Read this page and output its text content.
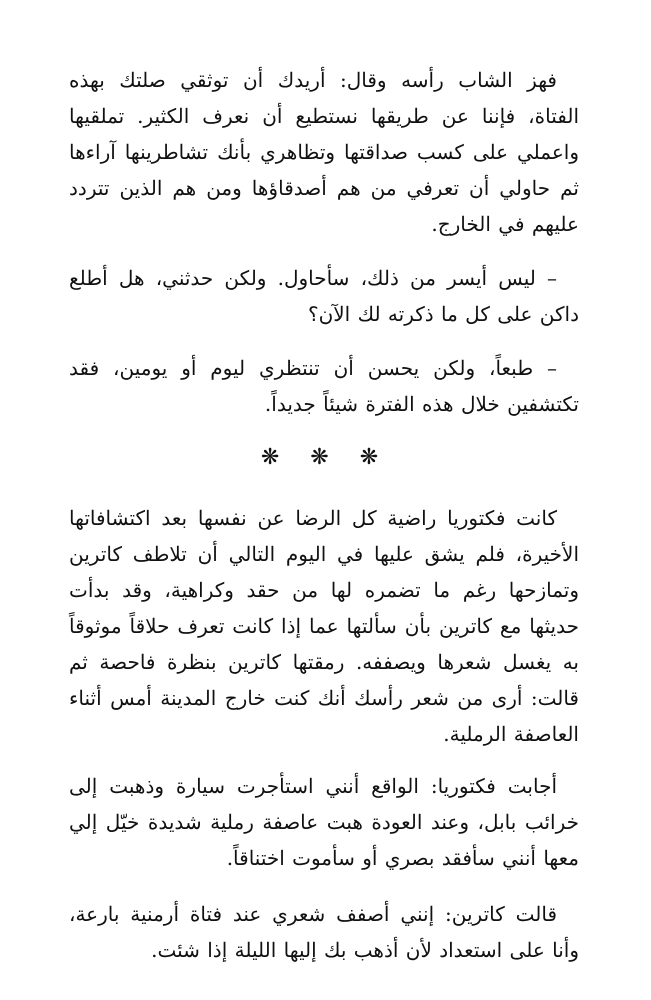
فهز الشاب رأسه وقال: أريدك أن توثقي صلتك بهذه الفتاة، فإننا عن طريقها نستطيع أن نعرف الكثير. تملقيها واعملي على كسب صداقتها وتظاهري بأنك تشاطرينها آراءها ثم حاولي أن تعرفي من هم أصدقاؤها ومن هم الذين تتردد عليهم في الخارج.

– ليس أيسر من ذلك، سأحاول. ولكن حدثني، هل أطلع داكن على كل ما ذكرته لك الآن؟

– طبعاً، ولكن يحسن أن تنتظري ليوم أو يومين، فقد تكتشفين خلال هذه الفترة شيئاً جديداً.

❋ ❋ ❋

كانت فكتوريا راضية كل الرضا عن نفسها بعد اكتشافاتها الأخيرة، فلم يشق عليها في اليوم التالي أن تلاطف كاترين وتمازحها رغم ما تضمره لها من حقد وكراهية، وقد بدأت حديثها مع كاترين بأن سألتها عما إذا كانت تعرف حلاقاً موثوقاً به يغسل شعرها ويصففه. رمقتها كاترين بنظرة فاحصة ثم قالت: أرى من شعر رأسك أنك كنت خارج المدينة أمس أثناء العاصفة الرملية.

أجابت فكتوريا: الواقع أنني استأجرت سيارة وذهبت إلى خرائب بابل، وعند العودة هبت عاصفة رملية شديدة خيّل إلي معها أنني سأفقد بصري أو سأموت اختناقاً.

قالت كاترين: إنني أصفف شعري عند فتاة أرمنية بارعة، وأنا على استعداد لأن أذهب بك إليها الليلة إذا شئت.
